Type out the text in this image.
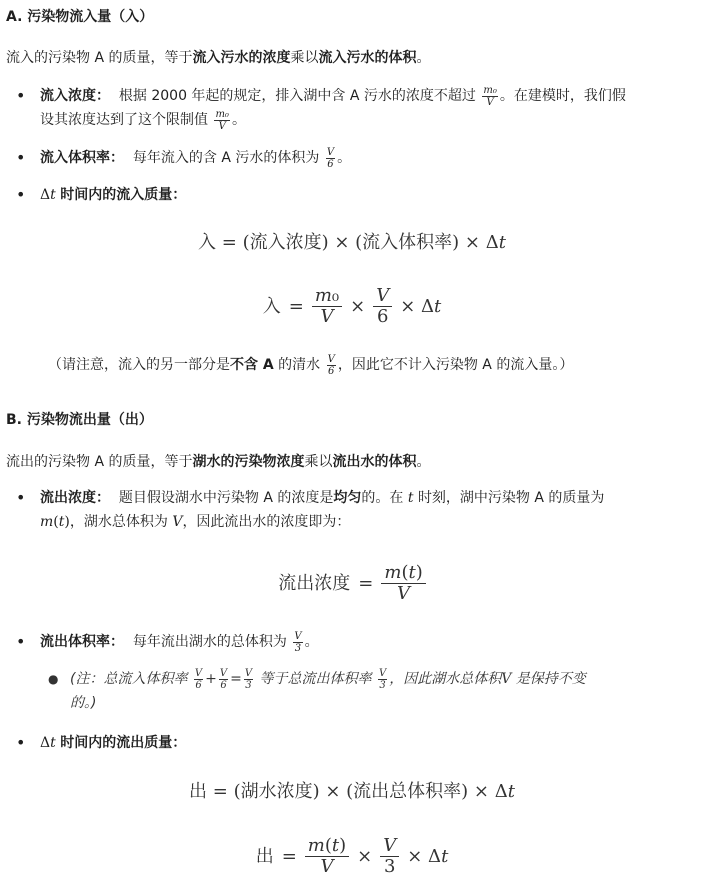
A. 污染物流入量（入）

流入的污染物 A 的质量，等于流入污水的浓度乘以流入污水的体积。

• 流入浓度： 根据 2000 年起的规定，排入湖中含 A 污水的浓度不超过 $\frac{\text{m₀}}{V}$ 。在建模时，我们假
设其浓度达到了这个限制值 $\frac{\text{m₀}}{V}$ 。
• 流入体积率： 每年流入的含 A 污水的体积为 $\frac{V}{6}$ 。
• Δt 时间内的流入质量：
入 = (流入浓度) × (流入体积率) × Δt
入 = $\frac{\text{m₀}}{V} \times \frac{V}{6} \times \Delta t$

（请注意，流入的另一部分是不含 A 的清水 $\frac{V}{6}$ ，因此它不计入污染物 A 的流入量。）

B. 污染物流出量（出）

流出的污染物 A 的质量，等于湖水的污染物浓度乘以流出水的体积。

• 流出浓度： 题目假设湖水中污染物 A 的浓度是均匀的。在 t 时刻，湖中污染物 A 的质量为
m(t)，湖水总体积为 V，因此流出水的浓度即为：
流出浓度 = $\frac{m(t)}{V}$
• 流出体积率： 每年流出湖水的总体积为 $\frac{V}{3}$ 。
● (注：总流入体积率 $\frac{V}{6} + \frac{V}{6} = \frac{V}{3}$ 等于总流出体积率 $\frac{V}{3}$ ，因此湖水总体积V 是保持不变
的。)
• Δt 时间内的流出质量：
出 = (湖水浓度) × (流出总体积率) × Δt
出 = $\frac{m(t)}{V} \times \frac{V}{3} \times \Delta t$
